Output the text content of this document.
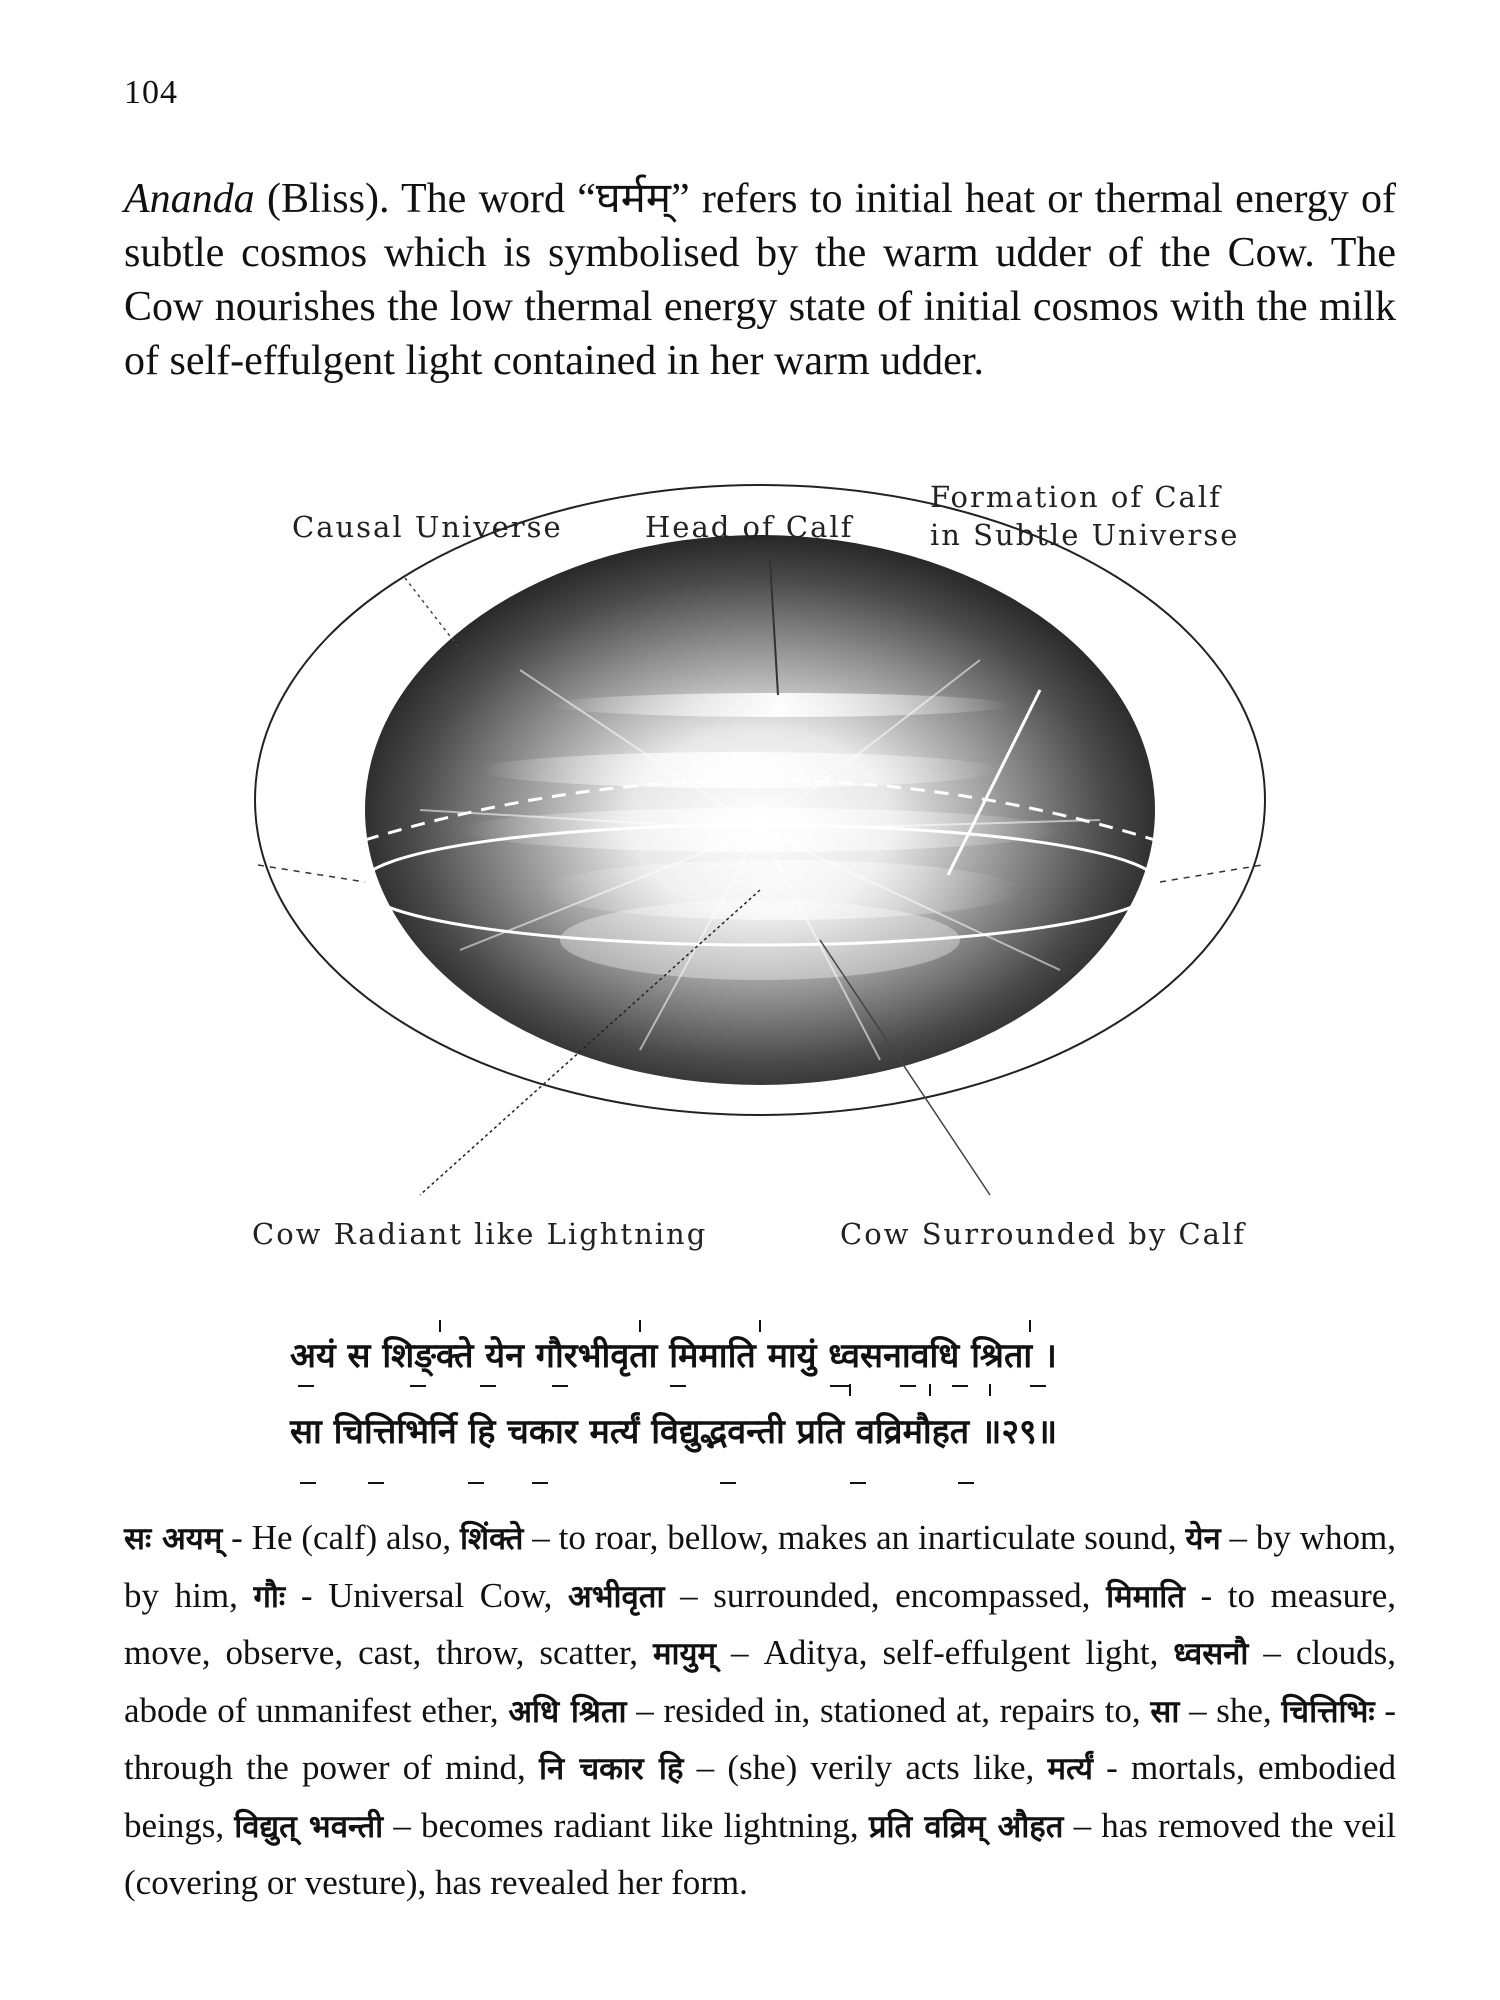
104

Ananda (Bliss). The word “घर्मम्” refers to initial heat or thermal energy of subtle cosmos which is symbolised by the warm udder of the Cow. The Cow nourishes the low thermal energy state of initial cosmos with the milk of self-effulgent light contained in her warm udder.

Causal Universe	Head of Calf
Formation of Calf
in Subtle Universe
Cow Radiant like Lightning	Cow Surrounded by Calf
अयं स शिङ्क्ते येन गौरभीवृता मिमाति मायुं ध्वसनावधि श्रिता ।
सा चित्तिभिर्नि हि चकार मर्त्यं विद्युद्भवन्ती प्रति वव्रिमौहत ॥२९॥

सः अयम् - He (calf) also, शिंक्ते – to roar, bellow, makes an inarticulate sound, येन – by whom, by him, गौः - Universal Cow, अभीवृता – surrounded, encompassed, मिमाति - to measure, move, observe, cast, throw, scatter, मायुम् – Aditya, self-effulgent light, ध्वसनौ – clouds, abode of unmanifest ether, अधि श्रिता – resided in, stationed at, repairs to, सा – she, चित्तिभिः - through the power of mind, नि चकार हि – (she) verily acts like, मर्त्यं - mortals, embodied beings, विद्युत् भवन्ती – becomes radiant like lightning, प्रति वव्रिम् औहत – has removed the veil (covering or vesture), has revealed her form.
